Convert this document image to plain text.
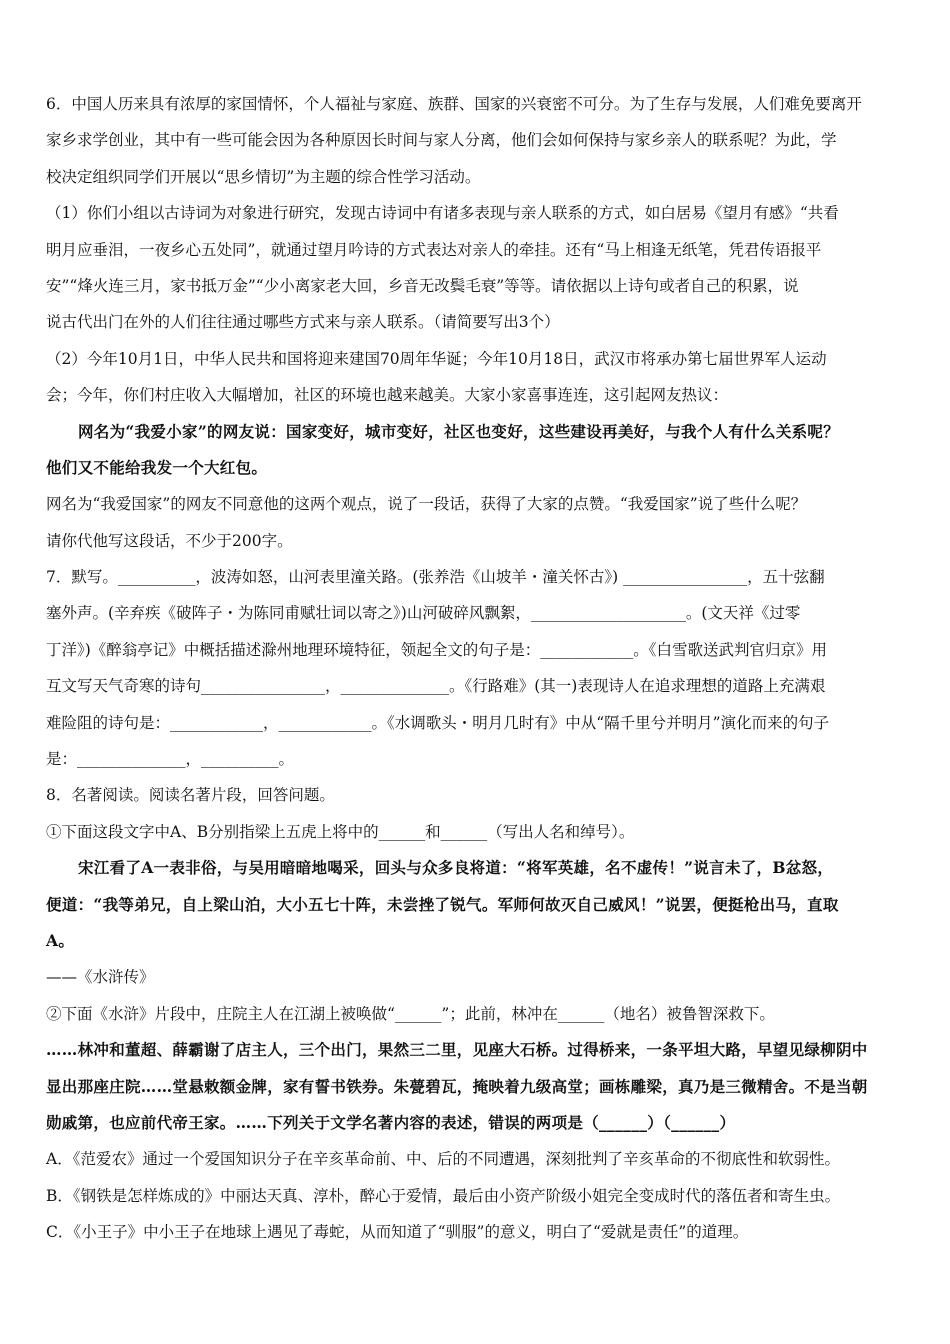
6．中国人历来具有浓厚的家国情怀，个人福祉与家庭、族群、国家的兴衰密不可分。为了生存与发展，人们难免要离开
家乡求学创业，其中有一些可能会因为各种原因长时间与家人分离，他们会如何保持与家乡亲人的联系呢？为此，学
校决定组织同学们开展以“思乡情切”为主题的综合性学习活动。
（1）你们小组以古诗词为对象进行研究，发现古诗词中有诸多表现与亲人联系的方式，如白居易《望月有感》“共看
明月应垂泪，一夜乡心五处同”，就通过望月吟诗的方式表达对亲人的牵挂。还有“马上相逢无纸笔，凭君传语报平
安”“烽火连三月，家书抵万金”“少小离家老大回，乡音无改鬓毛衰”等等。请依据以上诗句或者自己的积累，说
说古代出门在外的人们往往通过哪些方式来与亲人联系。（请简要写出3个）
（2）今年10月1日，中华人民共和国将迎来建国70周年华诞；今年10月18日，武汉市将承办第七届世界军人运动
会；今年，你们村庄收入大幅增加，社区的环境也越来越美。大家小家喜事连连，这引起网友热议：
网名为“我爱小家”的网友说：国家变好，城市变好，社区也变好，这些建设再美好，与我个人有什么关系呢？
他们又不能给我发一个大红包。
网名为“我爱国家”的网友不同意他的这两个观点，说了一段话，获得了大家的点赞。“我爱国家”说了些什么呢？
请你代他写这段话，不少于200字。
7．默写。__________，波涛如怒，山河表里潼关路。(张养浩《山坡羊・潼关怀古》) ________________，五十弦翻
塞外声。(辛弃疾《破阵子・为陈同甫赋壮词以寄之》)山河破碎风飘絮，____________________。(文天祥《过零
丁洋》)《醉翁亭记》中概括描述滁州地理环境特征，领起全文的句子是：____________。《白雪歌送武判官归京》用
互文写天气奇寒的诗句________________，______________。《行路难》(其一)表现诗人在追求理想的道路上充满艰
难险阻的诗句是：____________，____________。《水调歌头・明月几时有》中从“隔千里兮并明月”演化而来的句子
是：______________，__________。
8．名著阅读。阅读名著片段，回答问题。
①下面这段文字中A、B分别指梁上五虎上将中的______和______（写出人名和绰号）。
宋江看了A一表非俗，与吴用暗暗地喝采，回头与众多良将道：“将军英雄，名不虚传！”说言未了，B忿怒，
便道：“我等弟兄，自上梁山泊，大小五七十阵，未尝挫了锐气。军师何故灭自己威风！”说罢，便挺枪出马，直取
A。
——《水浒传》
②下面《水浒》片段中，庄院主人在江湖上被唤做“______”；此前，林冲在______（地名）被鲁智深救下。
……林冲和董超、薛霸谢了店主人，三个出门，果然三二里，见座大石桥。过得桥来，一条平坦大路，早望见绿柳阴中
显出那座庄院……堂悬敕额金牌，家有誓书铁券。朱甍碧瓦，掩映着九级高堂；画栋雕梁，真乃是三微精舍。不是当朝
勋戚第，也应前代帝王家。……下列关于文学名著内容的表述，错误的两项是（______）（______）
A．《范爱农》通过一个爱国知识分子在辛亥革命前、中、后的不同遭遇，深刻批判了辛亥革命的不彻底性和软弱性。
B．《钢铁是怎样炼成的》中丽达天真、淳朴，醉心于爱情，最后由小资产阶级小姐完全变成时代的落伍者和寄生虫。
C．《小王子》中小王子在地球上遇见了毒蛇，从而知道了“驯服”的意义，明白了“爱就是责任”的道理。
